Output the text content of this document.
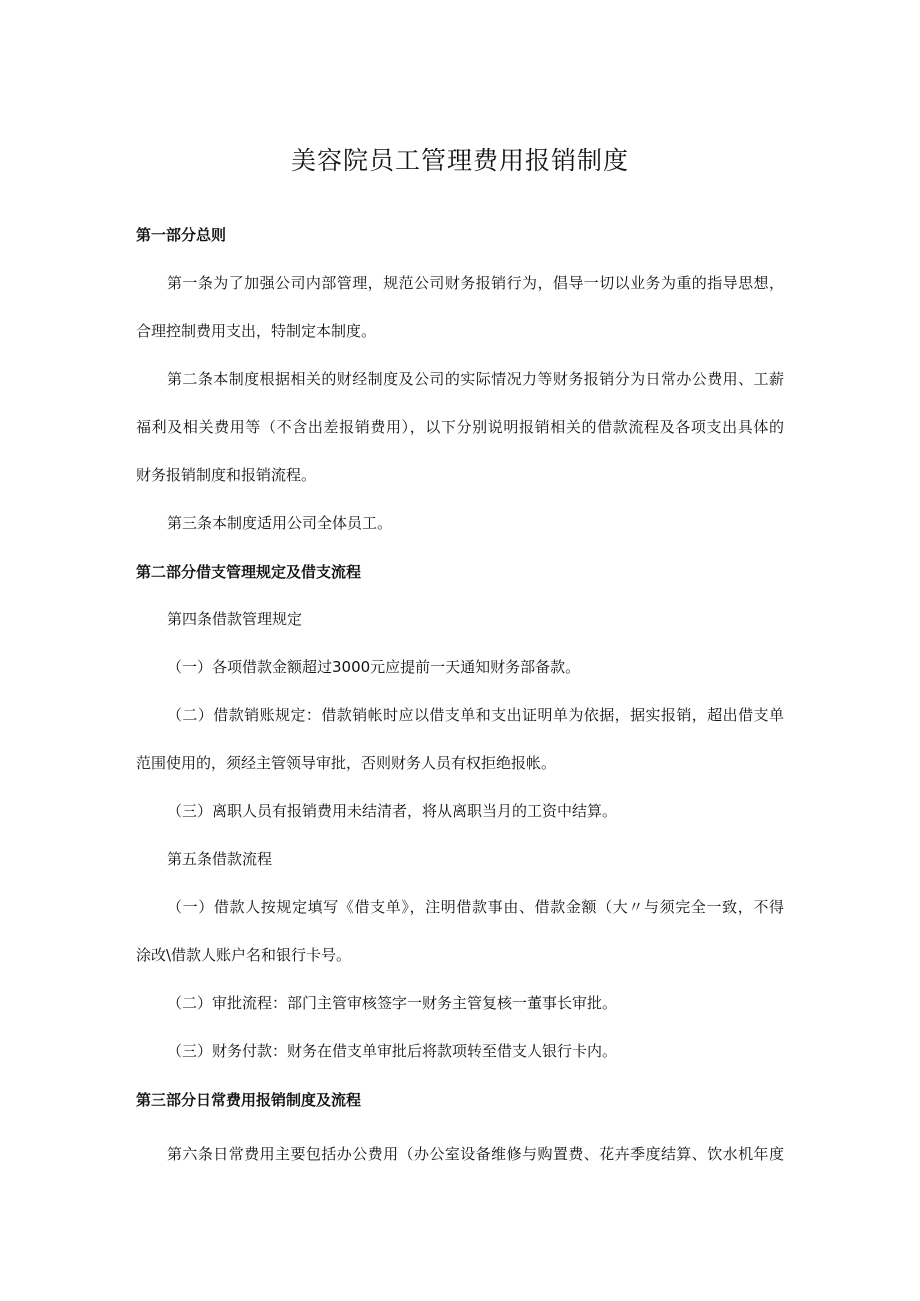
美容院员工管理费用报销制度
第一部分总则
第一条为了加强公司内部管理，规范公司财务报销行为，倡导一切以业务为重的指导思想，
合理控制费用支出，特制定本制度。
第二条本制度根据相关的财经制度及公司的实际情况力等财务报销分为日常办公费用、工薪
福利及相关费用等（不含出差报销费用），以下分别说明报销相关的借款流程及各项支出具体的
财务报销制度和报销流程。
第三条本制度适用公司全体员工。
第二部分借支管理规定及借支流程
第四条借款管理规定
（一）各项借款金额超过3000元应提前一天通知财务部备款。
（二）借款销账规定：借款销帐时应以借支单和支出证明单为依据，据实报销，超出借支单
范围使用的，须经主管领导审批，否则财务人员有权拒绝报帐。
（三）离职人员有报销费用未结清者，将从离职当月的工资中结算。
第五条借款流程
（一）借款人按规定填写《借支单》，注明借款事由、借款金额（大〃与须完全一致，不得
涂改\借款人账户名和银行卡号。
（二）审批流程：部门主管审核签字一财务主管复核一董事长审批。
（三）财务付款：财务在借支单审批后将款项转至借支人银行卡内。
第三部分日常费用报销制度及流程
第六条日常费用主要包括办公费用（办公室设备维修与购置费、花卉季度结算、饮水机年度
